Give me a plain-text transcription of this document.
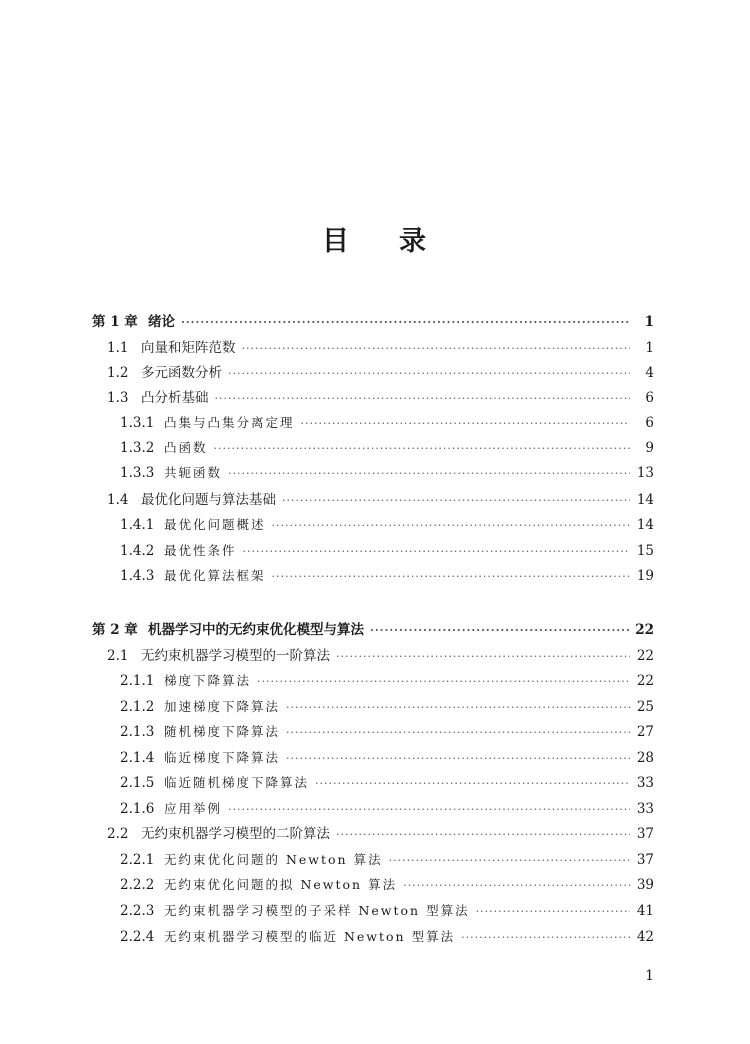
目 录
第 1 章 绪论 ·····	1
1.1 向量和矩阵范数 ·····	1
1.2 多元函数分析 ·····	4
1.3 凸分析基础 ·····	6
1.3.1 凸集与凸集分离定理 ·····	6
1.3.2 凸函数 ·····	9
1.3.3 共轭函数 ·····	13
1.4 最优化问题与算法基础 ·····	14
1.4.1 最优化问题概述 ·····	14
1.4.2 最优性条件 ·····	15
1.4.3 最优化算法框架 ·····	19
第 2 章 机器学习中的无约束优化模型与算法 ·····	22
2.1 无约束机器学习模型的一阶算法 ·····	22
2.1.1 梯度下降算法 ·····	22
2.1.2 加速梯度下降算法 ·····	25
2.1.3 随机梯度下降算法 ·····	27
2.1.4 临近梯度下降算法 ·····	28
2.1.5 临近随机梯度下降算法 ·····	33
2.1.6 应用举例 ·····	33
2.2 无约束机器学习模型的二阶算法 ·····	37
2.2.1 无约束优化问题的 Newton 算法 ·····	37
2.2.2 无约束优化问题的拟 Newton 算法 ·····	39
2.2.3 无约束机器学习模型的子采样 Newton 型算法 ·····	41
2.2.4 无约束机器学习模型的临近 Newton 型算法 ·····	42
1
